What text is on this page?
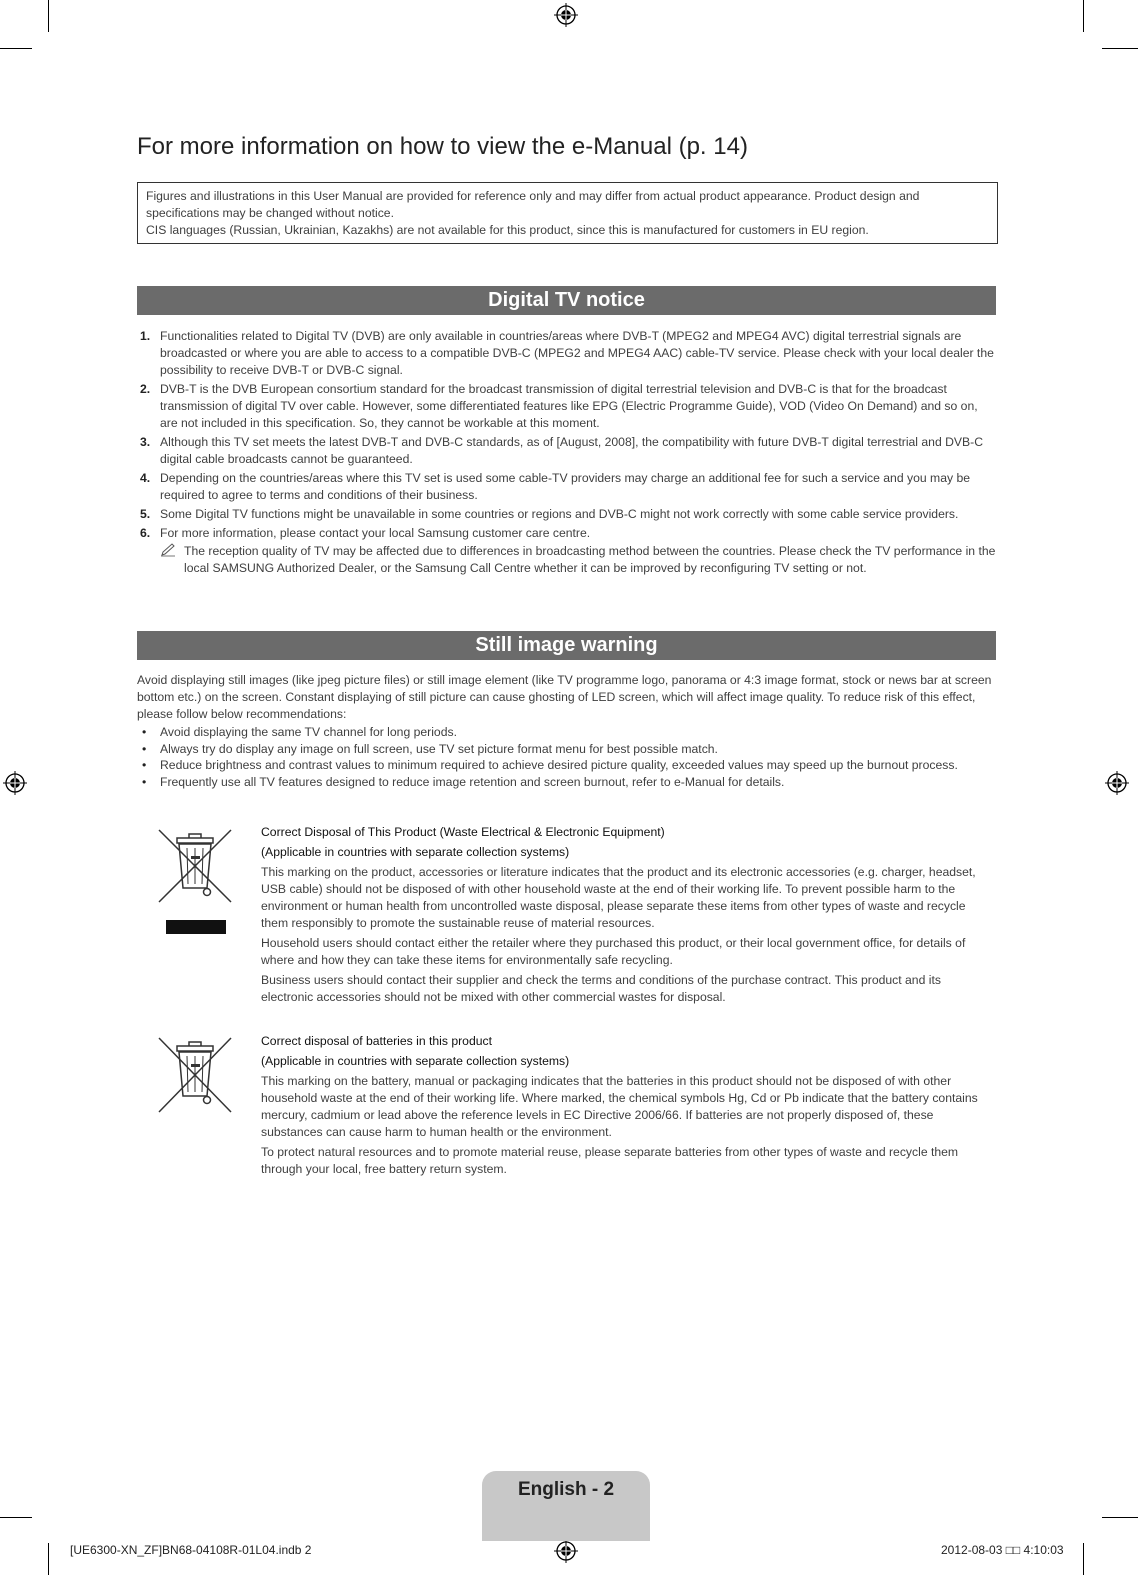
For more information on how to view the e-Manual (p. 14)

Figures and illustrations in this User Manual are provided for reference only and may differ from actual product appearance. Product design and specifications may be changed without notice.

CIS languages (Russian, Ukrainian, Kazakhs) are not available for this product, since this is manufactured for customers in EU region.

Digital TV notice
1. Functionalities related to Digital TV (DVB) are only available in countries/areas where DVB-T (MPEG2 and MPEG4 AVC) digital terrestrial signals are broadcasted or where you are able to access to a compatible DVB-C (MPEG2 and MPEG4 AAC) cable-TV service. Please check with your local dealer the possibility to receive DVB-T or DVB-C signal.
2. DVB-T is the DVB European consortium standard for the broadcast transmission of digital terrestrial television and DVB-C is that for the broadcast transmission of digital TV over cable. However, some differentiated features like EPG (Electric Programme Guide), VOD (Video On Demand) and so on, are not included in this specification. So, they cannot be workable at this moment.
3. Although this TV set meets the latest DVB-T and DVB-C standards, as of [August, 2008], the compatibility with future DVB-T digital terrestrial and DVB-C digital cable broadcasts cannot be guaranteed.
4. Depending on the countries/areas where this TV set is used some cable-TV providers may charge an additional fee for such a service and you may be required to agree to terms and conditions of their business.
5. Some Digital TV functions might be unavailable in some countries or regions and DVB-C might not work correctly with some cable service providers.
6. For more information, please contact your local Samsung customer care centre.
The reception quality of TV may be affected due to differences in broadcasting method between the countries. Please check the TV performance in the local SAMSUNG Authorized Dealer, or the Samsung Call Centre whether it can be improved by reconfiguring TV setting or not.
Still image warning

Avoid displaying still images (like jpeg picture files) or still image element (like TV programme logo, panorama or 4:3 image format, stock or news bar at screen bottom etc.) on the screen. Constant displaying of still picture can cause ghosting of LED screen, which will affect image quality. To reduce risk of this effect, please follow below recommendations:

• Avoid displaying the same TV channel for long periods.
• Always try do display any image on full screen, use TV set picture format menu for best possible match.
• Reduce brightness and contrast values to minimum required to achieve desired picture quality, exceeded values may speed up the burnout process.
• Frequently use all TV features designed to reduce image retention and screen burnout, refer to e-Manual for details.

Correct Disposal of This Product (Waste Electrical & Electronic Equipment)

(Applicable in countries with separate collection systems)

This marking on the product, accessories or literature indicates that the product and its electronic accessories (e.g. charger, headset, USB cable) should not be disposed of with other household waste at the end of their working life. To prevent possible harm to the environment or human health from uncontrolled waste disposal, please separate these items from other types of waste and recycle them responsibly to promote the sustainable reuse of material resources.

Household users should contact either the retailer where they purchased this product, or their local government office, for details of where and how they can take these items for environmentally safe recycling.

Business users should contact their supplier and check the terms and conditions of the purchase contract. This product and its electronic accessories should not be mixed with other commercial wastes for disposal.

Correct disposal of batteries in this product

(Applicable in countries with separate collection systems)

This marking on the battery, manual or packaging indicates that the batteries in this product should not be disposed of with other household waste at the end of their working life. Where marked, the chemical symbols Hg, Cd or Pb indicate that the battery contains mercury, cadmium or lead above the reference levels in EC Directive 2006/66. If batteries are not properly disposed of, these substances can cause harm to human health or the environment.

To protect natural resources and to promote material reuse, please separate batteries from other types of waste and recycle them through your local, free battery return system.

English - 2
[UE6300-XN_ZF]BN68-04108R-01L04.indb 2	2012-08-03 □□ 4:10:03
